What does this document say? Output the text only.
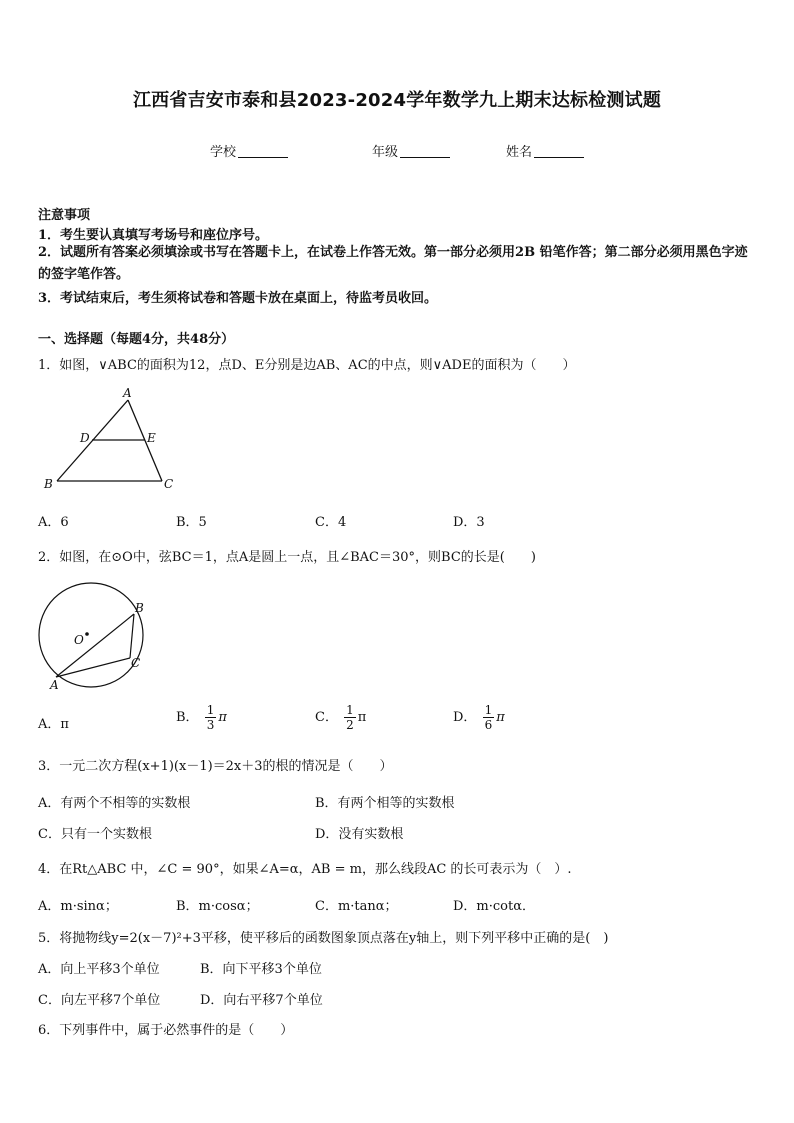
江西省吉安市泰和县2023-2024学年数学九上期末达标检测试题
学校	年级	姓名
注意事项
1．考生要认真填写考场号和座位序号。
2．试题所有答案必须填涂或书写在答题卡上，在试卷上作答无效。第一部分必须用2B 铅笔作答；第二部分必须用黑色字迹的签字笔作答。
3．考试结束后，考生须将试卷和答题卡放在桌面上，待监考员收回。
一、选择题（每题4分，共48分）
1．如图，∨ABC的面积为12，点D、E分别是边AB、AC的中点，则∨ADE的面积为（　　）
A
D	E
B	C
A．6	B．5	C．4	D．3
2．如图，在⊙O中，弦BC＝1，点A是圆上一点，且∠BAC＝30°，则BC的长是(　　)
B
O
C
A
A．π	B． $\frac{1}{3}$ π	C． $\frac{1}{2}$ π	D． $\frac{1}{6}$ π
3．一元二次方程(x+1)(x－1)＝2x＋3的根的情况是（　　）
A．有两个不相等的实数根	B．有两个相等的实数根
C．只有一个实数根	D．没有实数根
4．在Rt△ABC 中，∠C = 90°，如果∠A=α，AB = m，那么线段AC 的长可表示为（　）.
A．m·sinα；	B．m·cosα；	C．m·tanα；	D．m·cotα．
5．将抛物线y=2(x－7)²+3平移，使平移后的函数图象顶点落在y轴上，则下列平移中正确的是(　)
A．向上平移3个单位	B．向下平移3个单位
C．向左平移7个单位	D．向右平移7个单位
6．下列事件中，属于必然事件的是（　　）
